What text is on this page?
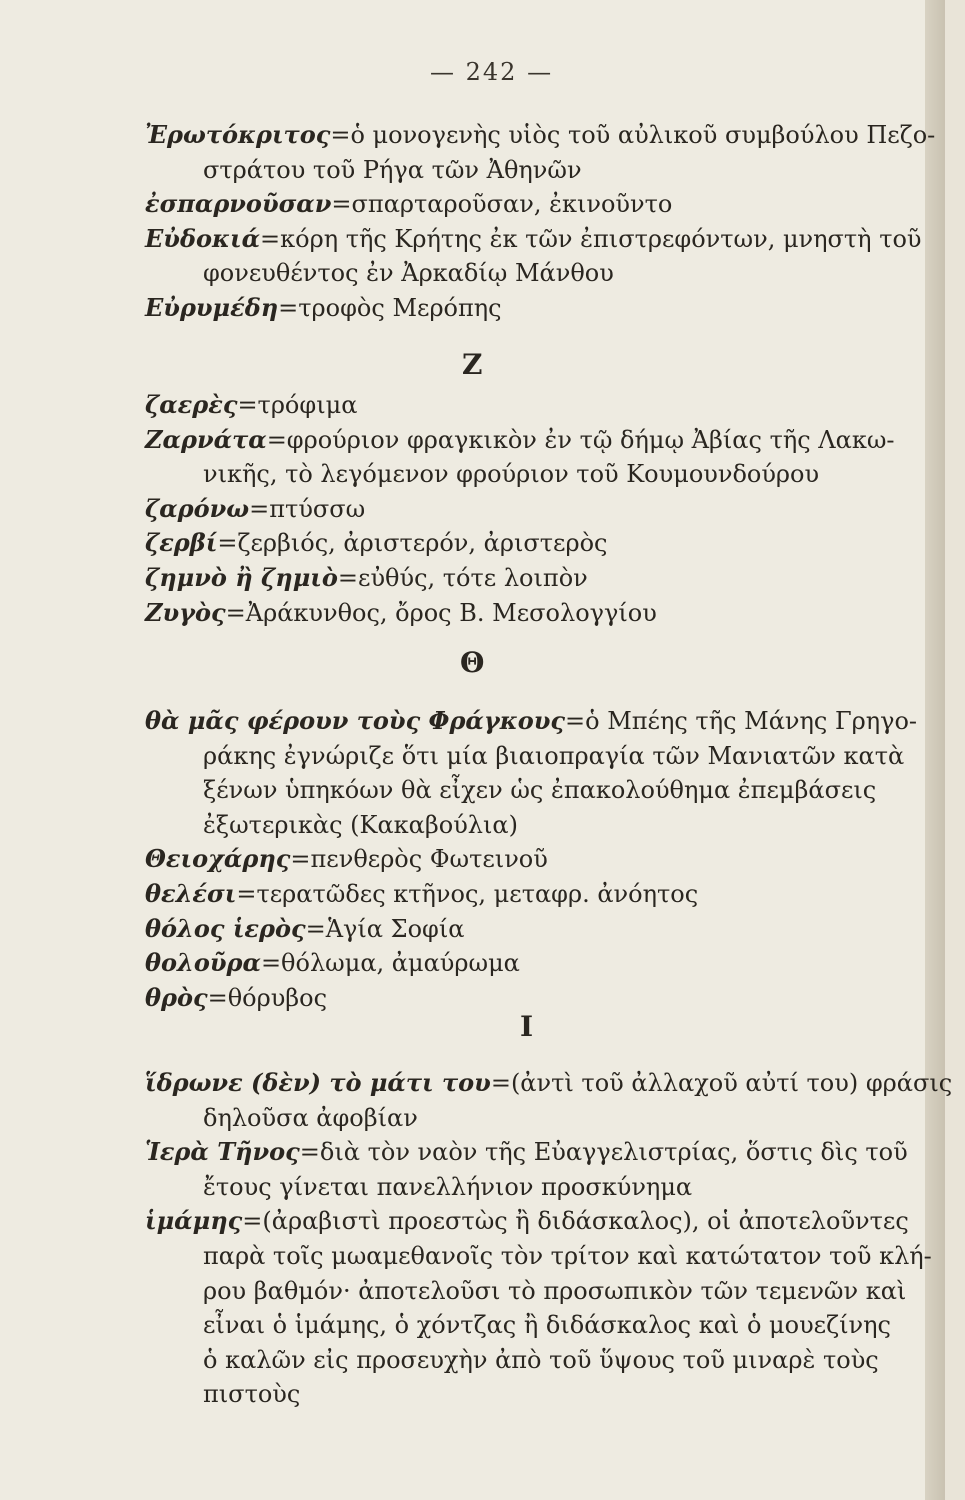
— 242 —
Ἐρωτόκριτος=ὁ μονογενὴς υἱὸς τοῦ αὐλικοῦ συμβούλου Πεζο-
στράτου τοῦ Ρήγα τῶν Ἀθηνῶν
ἐσπαρνοῦσαν=σπαρταροῦσαν, ἐκινοῦντο
Εὐδοκιά=κόρη τῆς Κρήτης ἐκ τῶν ἐπιστρεφόντων, μνηστὴ τοῦ
φονευθέντος ἐν Ἀρκαδίῳ Μάνθου
Εὐρυμέδη=τροφὸς Μερόπης
Ζ
ζαερὲς=τρόφιμα
Ζαρνάτα=φρούριον φραγκικὸν ἐν τῷ δήμῳ Ἀβίας τῆς Λακω-
νικῆς, τὸ λεγόμενον φρούριον τοῦ Κουμουνδούρου
ζαρόνω=πτύσσω
ζερβί=ζερβιός, ἀριστερόν, ἀριστερὸς
ζημνὸ ἢ ζημιὸ=εὐθύς, τότε λοιπὸν
Ζυγὸς=Ἀράκυνθος, ὄρος Β. Μεσολογγίου
Θ
θὰ μᾶς φέρουν τοὺς Φράγκους=ὁ Μπέης τῆς Μάνης Γρηγο-
ράκης ἐγνώριζε ὅτι μία βιαιοπραγία τῶν Μανιατῶν κατὰ
ξένων ὑπηκόων θὰ εἶχεν ὡς ἐπακολούθημα ἐπεμβάσεις
ἐξωτερικὰς (Κακαβούλια)
Θειοχάρης=πενθερὸς Φωτεινοῦ
θελέσι=τερατῶδες κτῆνος, μεταφρ. ἀνόητος
θόλος ἱερὸς=Ἁγία Σοφία
θολοῦρα=θόλωμα, ἀμαύρωμα
θρὸς=θόρυβος
Ι
ἵδρωνε (δὲν) τὸ μάτι του=(ἀντὶ τοῦ ἀλλαχοῦ αὐτί του) φράσις
δηλοῦσα ἀφοβίαν
Ἱερὰ Τῆνος=διὰ τὸν ναὸν τῆς Εὐαγγελιστρίας, ὅστις δὶς τοῦ
ἔτους γίνεται πανελλήνιον προσκύνημα
ἱμάμης=(ἀραβιστὶ προεστὼς ἢ διδάσκαλος), οἱ ἀποτελοῦντες
παρὰ τοῖς μωαμεθανοῖς τὸν τρίτον καὶ κατώτατον τοῦ κλή-
ρου βαθμόν· ἀποτελοῦσι τὸ προσωπικὸν τῶν τεμενῶν καὶ
εἶναι ὁ ἱμάμης, ὁ χόντζας ἢ διδάσκαλος καὶ ὁ μουεζίνης
ὁ καλῶν εἰς προσευχὴν ἀπὸ τοῦ ὕψους τοῦ μιναρὲ τοὺς
πιστοὺς
